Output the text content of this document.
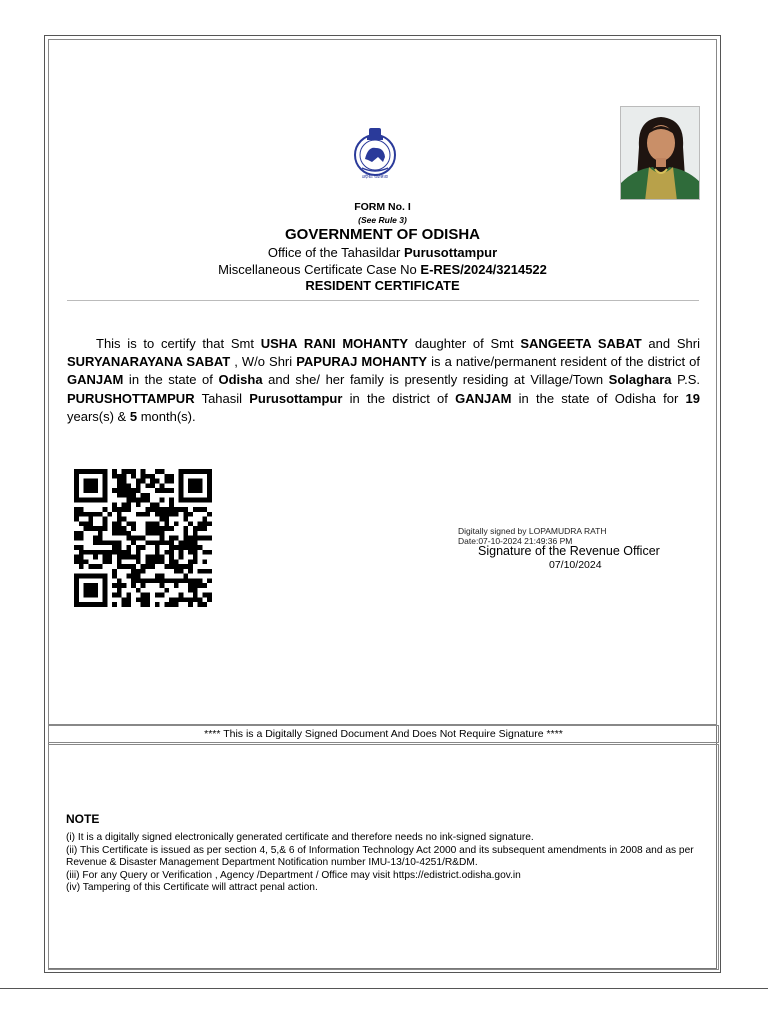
ଓଡ଼ିଶା ସରକାର
FORM No. I
(See Rule 3)
GOVERNMENT OF ODISHA
Office of the Tahasildar Purusottampur
Miscellaneous Certificate Case No E-RES/2024/3214522
RESIDENT CERTIFICATE
This is to certify that Smt USHA RANI MOHANTY daughter of Smt SANGEETA SABAT and Shri SURYANARAYANA SABAT , W/o Shri PAPURAJ MOHANTY is a native/permanent resident of the district of GANJAM in the state of Odisha and she/ her family is presently residing at Village/Town Solaghara P.S. PURUSHOTTAMPUR Tahasil Purusottampur in the district of GANJAM in the state of Odisha for 19 years(s) & 5 month(s).
Digitally signed by LOPAMUDRA RATH
Date:07-10-2024 21:49:36 PM
Signature of the Revenue Officer
07/10/2024
**** This is a Digitally Signed Document And Does Not Require Signature ****
NOTE
(i) It is a digitally signed electronically generated certificate and therefore needs no ink-signed signature.
(ii) This Certificate is issued as per section 4, 5,& 6 of Information Technology Act 2000 and its subsequent amendments in 2008 and as per Revenue & Disaster Management Department Notification number IMU-13/10-4251/R&DM.
(iii) For any Query or Verification , Agency /Department / Office may visit https://edistrict.odisha.gov.in
(iv) Tampering of this Certificate will attract penal action.
